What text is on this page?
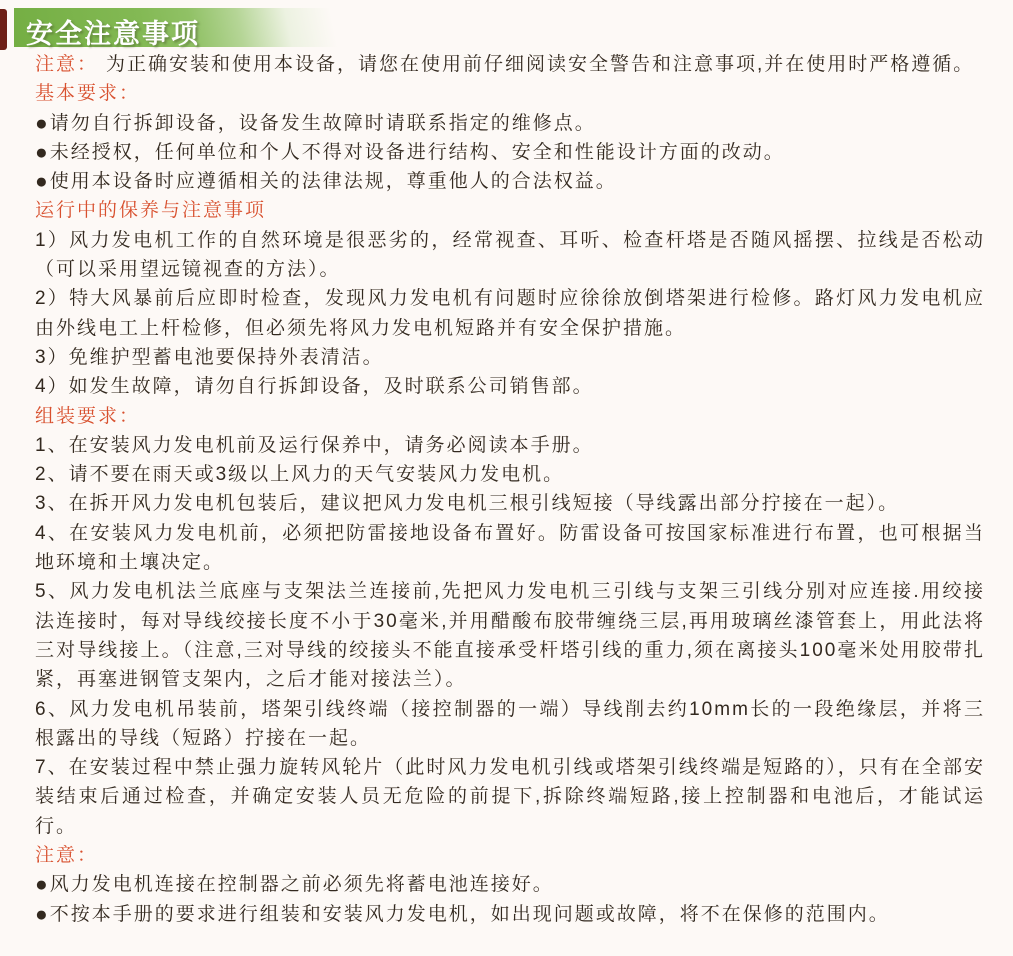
安全注意事项

注意： 为正确安装和使用本设备，请您在使用前仔细阅读安全警告和注意事项,并在使用时严格遵循。

基本要求：

● 请勿自行拆卸设备，设备发生故障时请联系指定的维修点。

● 未经授权，任何单位和个人不得对设备进行结构、安全和性能设计方面的改动。

● 使用本设备时应遵循相关的法律法规，尊重他人的合法权益。

运行中的保养与注意事项

1）风力发电机工作的自然环境是很恶劣的，经常视查、耳听、检查杆塔是否随风摇摆、拉线是否松动（可以采用望远镜视查的方法）。

2）特大风暴前后应即时检查，发现风力发电机有问题时应徐徐放倒塔架进行检修。路灯风力发电机应由外线电工上杆检修，但必须先将风力发电机短路并有安全保护措施。

3）免维护型蓄电池要保持外表清洁。

4）如发生故障，请勿自行拆卸设备，及时联系公司销售部。

组装要求：

1、在安装风力发电机前及运行保养中，请务必阅读本手册。

2、请不要在雨天或3级以上风力的天气安装风力发电机。

3、在拆开风力发电机包装后，建议把风力发电机三根引线短接（导线露出部分拧接在一起）。

4、在安装风力发电机前，必须把防雷接地设备布置好。防雷设备可按国家标准进行布置，也可根据当地环境和土壤决定。

5、风力发电机法兰底座与支架法兰连接前,先把风力发电机三引线与支架三引线分别对应连接.用绞接法连接时，每对导线绞接长度不小于30毫米,并用醋酸布胶带缠绕三层,再用玻璃丝漆管套上，用此法将三对导线接上。（注意,三对导线的绞接头不能直接承受杆塔引线的重力,须在离接头100毫米处用胶带扎紧，再塞进钢管支架内，之后才能对接法兰）。

6、风力发电机吊装前，塔架引线终端（接控制器的一端）导线削去约10mm长的一段绝缘层，并将三根露出的导线（短路）拧接在一起。

7、在安装过程中禁止强力旋转风轮片（此时风力发电机引线或塔架引线终端是短路的），只有在全部安装结束后通过检查，并确定安装人员无危险的前提下,拆除终端短路,接上控制器和电池后，才能试运行。

注意：

● 风力发电机连接在控制器之前必须先将蓄电池连接好。

● 不按本手册的要求进行组装和安装风力发电机，如出现问题或故障，将不在保修的范围内。
